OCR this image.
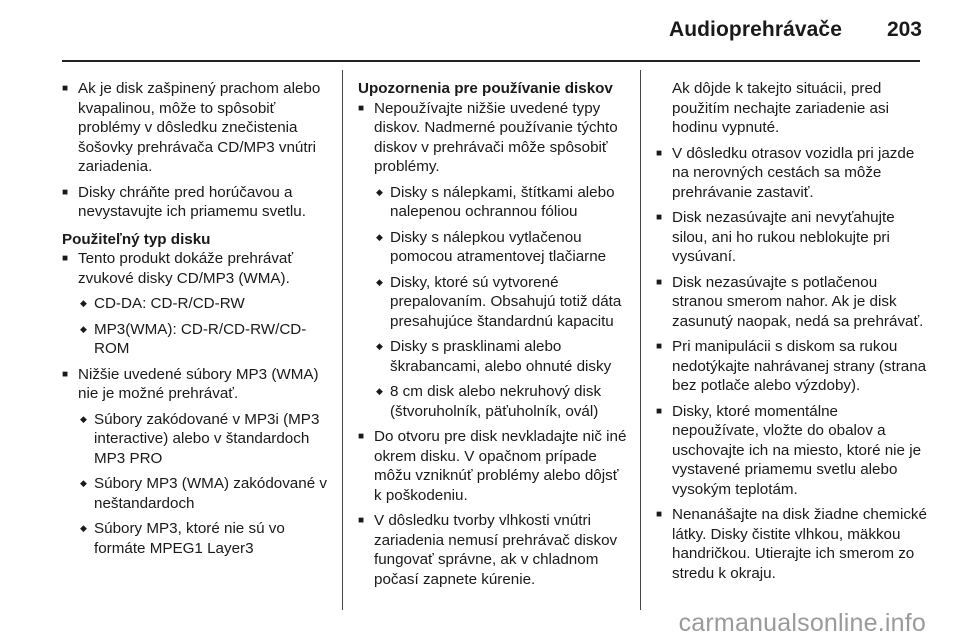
Audioprehrávače 203
■ Ak je disk zašpinený prachom alebo kvapalinou, môže to spôsobiť problémy v dôsledku znečistenia šošovky prehrávača CD/MP3 vnútri zariadenia.
■ Disky chráňte pred horúčavou a nevystavujte ich priamemu svetlu.
Použiteľný typ disku
■ Tento produkt dokáže prehrávať zvukové disky CD/MP3 (WMA).
◆ CD-DA: CD-R/CD-RW
◆ MP3(WMA): CD-R/CD-RW/CD-ROM
■ Nižšie uvedené súbory MP3 (WMA) nie je možné prehrávať.
◆ Súbory zakódované v MP3i (MP3 interactive) alebo v štandardoch MP3 PRO
◆ Súbory MP3 (WMA) zakódované v neštandardoch
◆ Súbory MP3, ktoré nie sú vo formáte MPEG1 Layer3
Upozornenia pre používanie diskov
■ Nepoužívajte nižšie uvedené typy diskov. Nadmerné používanie týchto diskov v prehrávači môže spôsobiť problémy.
◆ Disky s nálepkami, štítkami alebo nalepenou ochrannou fóliou
◆ Disky s nálepkou vytlačenou pomocou atramentovej tlačiarne
◆ Disky, ktoré sú vytvorené prepalovaním. Obsahujú totiž dáta presahujúce štandardnú kapacitu
◆ Disky s prasklinami alebo škrabancami, alebo ohnuté disky
◆ 8 cm disk alebo nekruhový disk (štvoruholník, päťuholník, ovál)
■ Do otvoru pre disk nevkladajte nič iné okrem disku. V opačnom prípade môžu vzniknúť problémy alebo dôjsť k poškodeniu.
■ V dôsledku tvorby vlhkosti vnútri zariadenia nemusí prehrávač diskov fungovať správne, ak v chladnom počasí zapnete kúrenie.
Ak dôjde k takejto situácii, pred použitím nechajte zariadenie asi hodinu vypnuté.
■ V dôsledku otrasov vozidla pri jazde na nerovných cestách sa môže prehrávanie zastaviť.
■ Disk nezasúvajte ani nevyťahujte silou, ani ho rukou neblokujte pri vysúvaní.
■ Disk nezasúvajte s potlačenou stranou smerom nahor. Ak je disk zasunutý naopak, nedá sa prehrávať.
■ Pri manipulácii s diskom sa rukou nedotýkajte nahrávanej strany (strana bez potlače alebo výzdoby).
■ Disky, ktoré momentálne nepoužívate, vložte do obalov a uschovajte ich na miesto, ktoré nie je vystavené priamemu svetlu alebo vysokým teplotám.
■ Nenanášajte na disk žiadne chemické látky. Disky čistite vlhkou, mäkkou handričkou. Utierajte ich smerom zo stredu k okraju.
carmanualsonline.info
